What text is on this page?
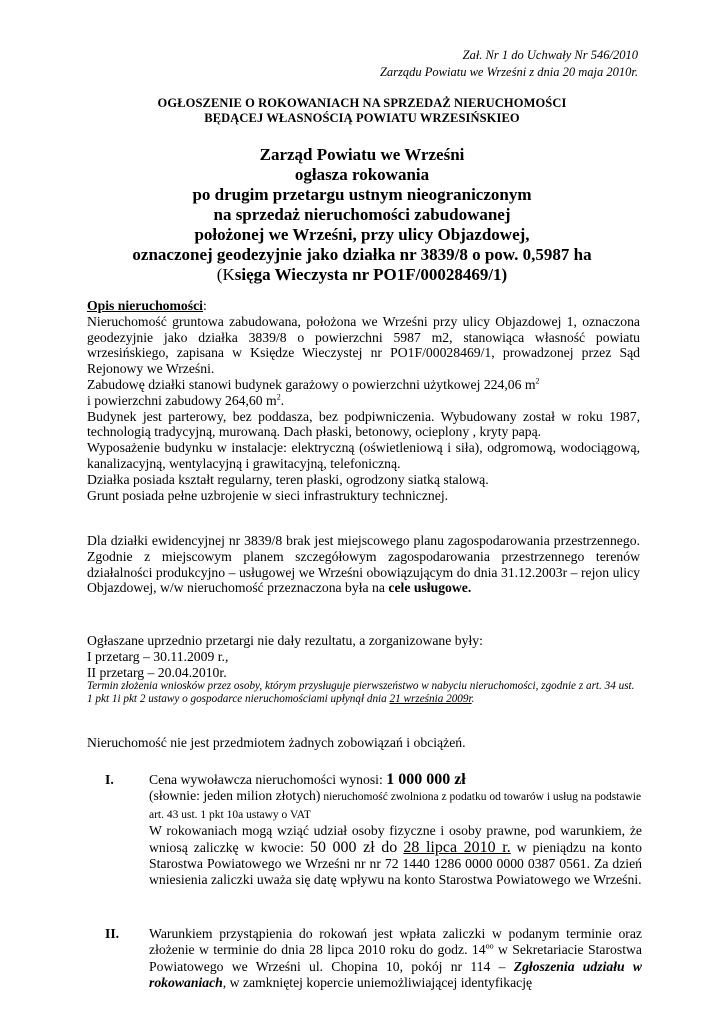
Zał. Nr 1 do Uchwały Nr 546/2010
Zarządu Powiatu we Wrześni z dnia 20 maja 2010r.
OGŁOSZENIE O ROKOWANIACH NA SPRZEDAŻ NIERUCHOMOŚCI
BĘDĄCEJ WŁASNOŚCIĄ POWIATU WRZESIŃSKIEO
Zarząd Powiatu we Wrześni
ogłasza rokowania
po drugim przetargu ustnym nieograniczonym
na sprzedaż nieruchomości zabudowanej
położonej we Wrześni, przy ulicy Objazdowej,
oznaczonej geodezyjnie jako działka nr 3839/8 o pow. 0,5987 ha
(Księga Wieczysta nr PO1F/00028469/1)
Opis nieruchomości:
Nieruchomość gruntowa zabudowana, położona we Wrześni przy ulicy Objazdowej 1, oznaczona geodezyjnie jako działka 3839/8 o powierzchni 5987 m2, stanowiąca własność powiatu wrzesińskiego, zapisana w Księdze Wieczystej nr PO1F/00028469/1, prowadzonej przez Sąd Rejonowy we Wrześni.
Zabudowę działki stanowi budynek garażowy o powierzchni użytkowej 224,06 $m^2$
i powierzchni zabudowy 264,60 $m^2$.
Budynek jest parterowy, bez poddasza, bez podpiwniczenia. Wybudowany został w roku 1987, technologią tradycyjną, murowaną. Dach płaski, betonowy, ocieplony , kryty papą.
Wyposażenie budynku w instalacje: elektryczną (oświetleniową i siła), odgromową, wodociągową, kanalizacyjną, wentylacyjną i grawitacyjną, telefoniczną.
Działka posiada kształt regularny, teren płaski, ogrodzony siatką stalową.
Grunt posiada pełne uzbrojenie w sieci infrastruktury technicznej.
Dla działki ewidencyjnej nr 3839/8 brak jest miejscowego planu zagospodarowania przestrzennego. Zgodnie z miejscowym planem szczegółowym zagospodarowania przestrzennego terenów działalności produkcyjno – usługowej we Wrześni obowiązującym do dnia 31.12.2003r – rejon ulicy Objazdowej, w/w nieruchomość przeznaczona była na cele usługowe.
Ogłaszane uprzednio przetargi nie dały rezultatu, a zorganizowane były:
I przetarg – 30.11.2009 r.,
II przetarg – 20.04.2010r.
Termin złożenia wniosków przez osoby, którym przysługuje pierwszeństwo w nabyciu nieruchomości, zgodnie z art. 34 ust. 1 pkt 1i pkt 2 ustawy o gospodarce nieruchomościami upłynął dnia 21 września 2009r.
Nieruchomość nie jest przedmiotem żadnych zobowiązań i obciążeń.
I.	Cena wywoławcza nieruchomości wynosi: 1 000 000 zł
(słownie: jeden milion złotych) nieruchomość zwolniona z podatku od towarów i usług na podstawie art. 43 ust. 1 pkt 10a ustawy o VAT
W rokowaniach mogą wziąć udział osoby fizyczne i osoby prawne, pod warunkiem, że wniosą zaliczkę w kwocie: 50 000 zł do 28 lipca 2010 r. w pieniądzu na konto Starostwa Powiatowego we Wrześni nr nr 72 1440 1286 0000 0000 0387 0561. Za dzień wniesienia zaliczki uważa się datę wpływu na konto Starostwa Powiatowego we Wrześni.
II. Warunkiem przystąpienia do rokowań jest wpłata zaliczki w podanym terminie oraz złożenie w terminie do dnia 28 lipca 2010 roku do godz. $14^{oo}$ w Sekretariacie Starostwa Powiatowego we Wrześni ul. Chopina 10, pokój nr 114 – Zgłoszenia udziału w rokowaniach, w zamkniętej kopercie uniemożliwiającej identyfikację
